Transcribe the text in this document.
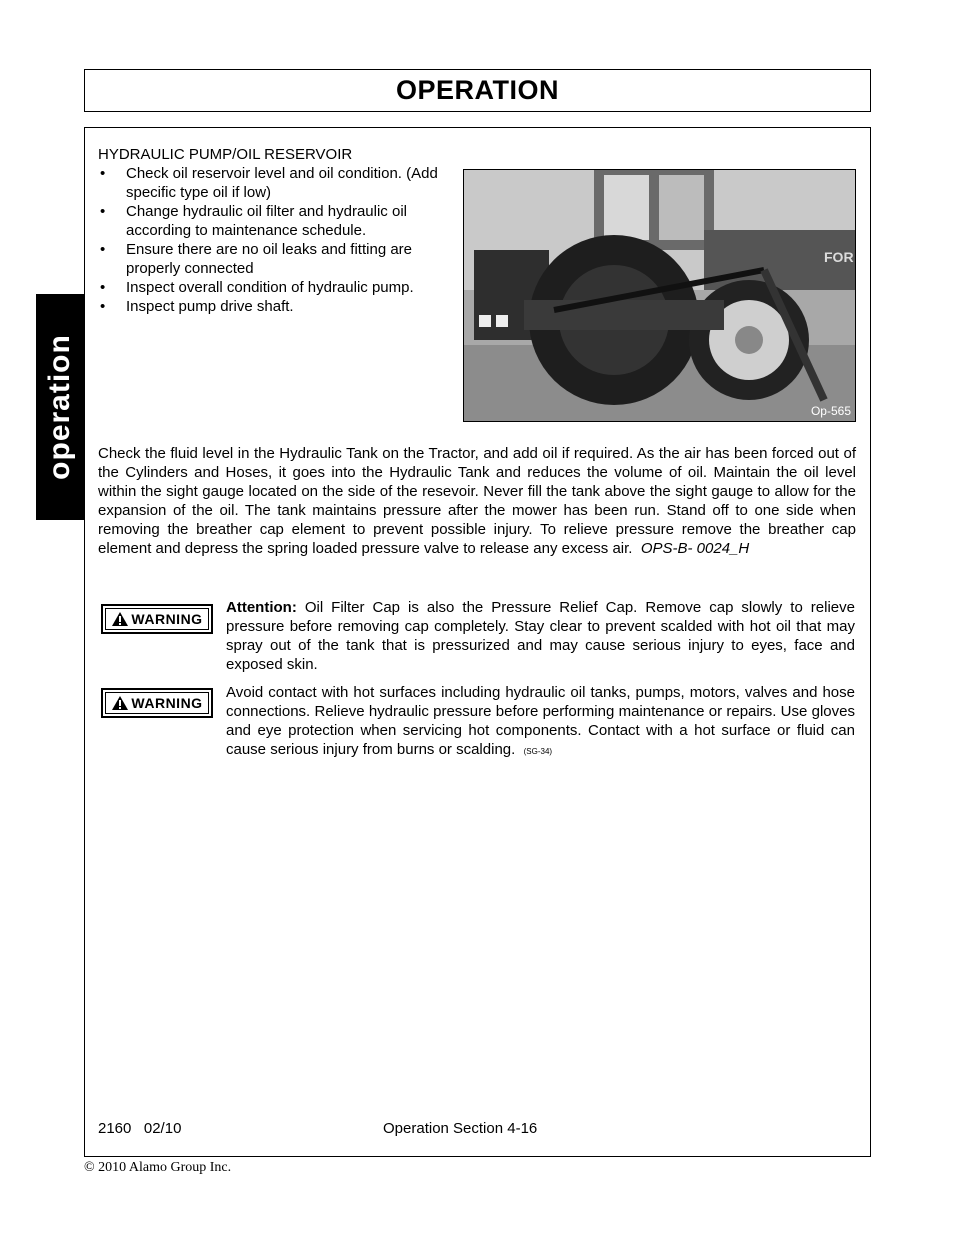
OPERATION
operation
HYDRAULIC PUMP/OIL RESERVOIR
• Check oil reservoir level and oil condition. (Add specific type oil if low)
• Change hydraulic oil filter and hydraulic oil according to maintenance schedule.
• Ensure there are no oil leaks and fitting are properly connected
• Inspect overall condition of hydraulic pump.
• Inspect pump drive shaft.
FOR
Op-565
Check the fluid level in the Hydraulic Tank on the Tractor, and add oil if required. As the air has been forced out of the Cylinders and Hoses, it goes into the Hydraulic Tank and reduces the volume of oil. Maintain the oil level within the sight gauge located on the side of the resevoir. Never fill the tank above the sight gauge to allow for the expansion of the oil. The tank maintains pressure after the mower has been run. Stand off to one side when removing the breather cap element to prevent possible injury. To relieve pressure remove the breather cap element and depress the spring loaded pressure valve to release any excess air. OPS-B- 0024_H
WARNING
Attention: Oil Filter Cap is also the Pressure Relief Cap. Remove cap slowly to relieve pressure before removing cap completely. Stay clear to prevent scalded with hot oil that may spray out of the tank that is pressurized and may cause serious injury to eyes, face and exposed skin.
WARNING
Avoid contact with hot surfaces including hydraulic oil tanks, pumps, motors, valves and hose connections. Relieve hydraulic pressure before performing maintenance or repairs. Use gloves and eye protection when servicing hot components. Contact with a hot surface or fluid can cause serious injury from burns or scalding. (SG-34)
2160   02/10	Operation Section 4-16
© 2010 Alamo Group Inc.
